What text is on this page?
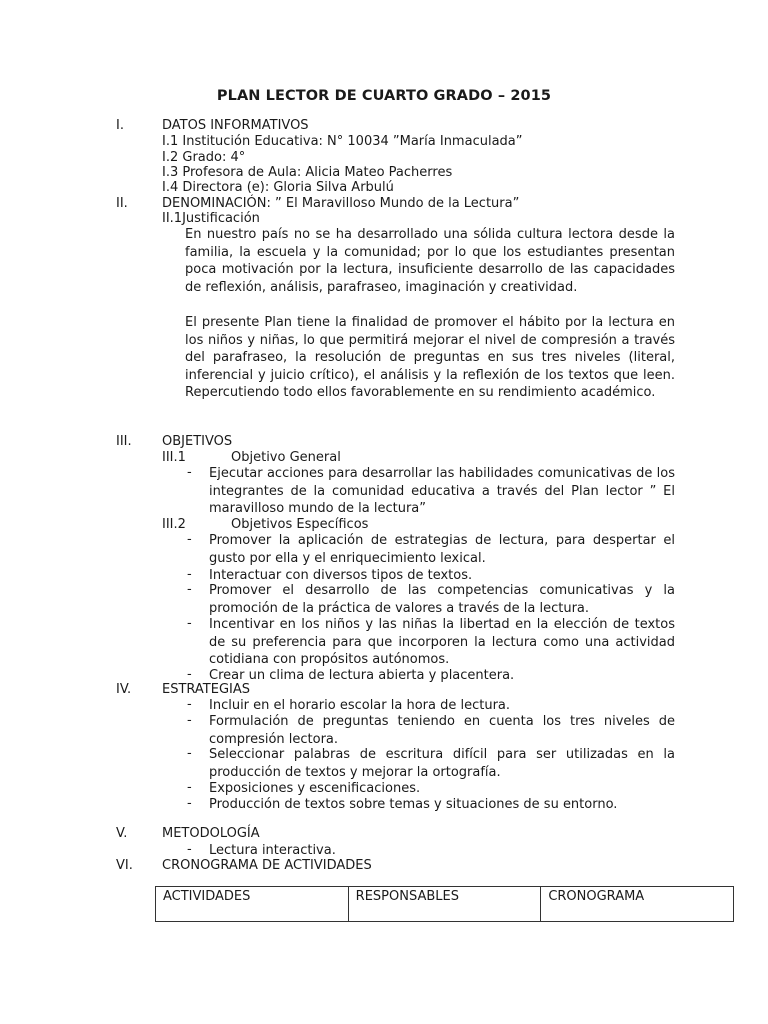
PLAN LECTOR DE CUARTO GRADO – 2015
I.	DATOS INFORMATIVOS
I.1 Institución Educativa: N° 10034 ”María Inmaculada”
I.2 Grado: 4°
I.3 Profesora de Aula: Alicia Mateo Pacherres
I.4 Directora (e): Gloria Silva Arbulú
II.	DENOMINACIÓN: ” El Maravilloso Mundo de la Lectura”
II.1Justificación
En nuestro país no se ha desarrollado una sólida cultura lectora desde la familia, la escuela y la comunidad; por lo que los estudiantes presentan poca motivación por la lectura, insuficiente desarrollo de las capacidades de reflexión, análisis, parafraseo, imaginación y creatividad.
El presente Plan tiene la finalidad de promover el hábito por la lectura en los niños y niñas, lo que permitirá mejorar el nivel de compresión a través del parafraseo, la resolución de preguntas en sus tres niveles (literal, inferencial y juicio crítico), el análisis y la reflexión de los textos que leen. Repercutiendo todo ellos favorablemente en su rendimiento académico.
III. OBJETIVOS
III.1	Objetivo General
- Ejecutar acciones para desarrollar las habilidades comunicativas de los integrantes de la comunidad educativa a través del Plan lector ” El maravilloso mundo de la lectura”
III.2	Objetivos Específicos
- Promover la aplicación de estrategias de lectura, para despertar el gusto por ella y el enriquecimiento lexical.
- Interactuar con diversos tipos de textos.
- Promover el desarrollo de las competencias comunicativas y la promoción de la práctica de valores a través de la lectura.
- Incentivar en los niños y las niñas la libertad en la elección de textos de su preferencia para que incorporen la lectura como una actividad cotidiana con propósitos autónomos.
- Crear un clima de lectura abierta y placentera.
IV. ESTRATEGIAS
- Incluir en el horario escolar la hora de lectura.
- Formulación de preguntas teniendo en cuenta los tres niveles de compresión lectora.
- Seleccionar palabras de escritura difícil para ser utilizadas en la producción de textos y mejorar la ortografía.
- Exposiciones y escenificaciones.
- Producción de textos sobre temas y situaciones de su entorno.
V.	METODOLOGÍA
- Lectura interactiva.
VI. CRONOGRAMA DE ACTIVIDADES
ACTIVIDADES	RESPONSABLES	CRONOGRAMA
